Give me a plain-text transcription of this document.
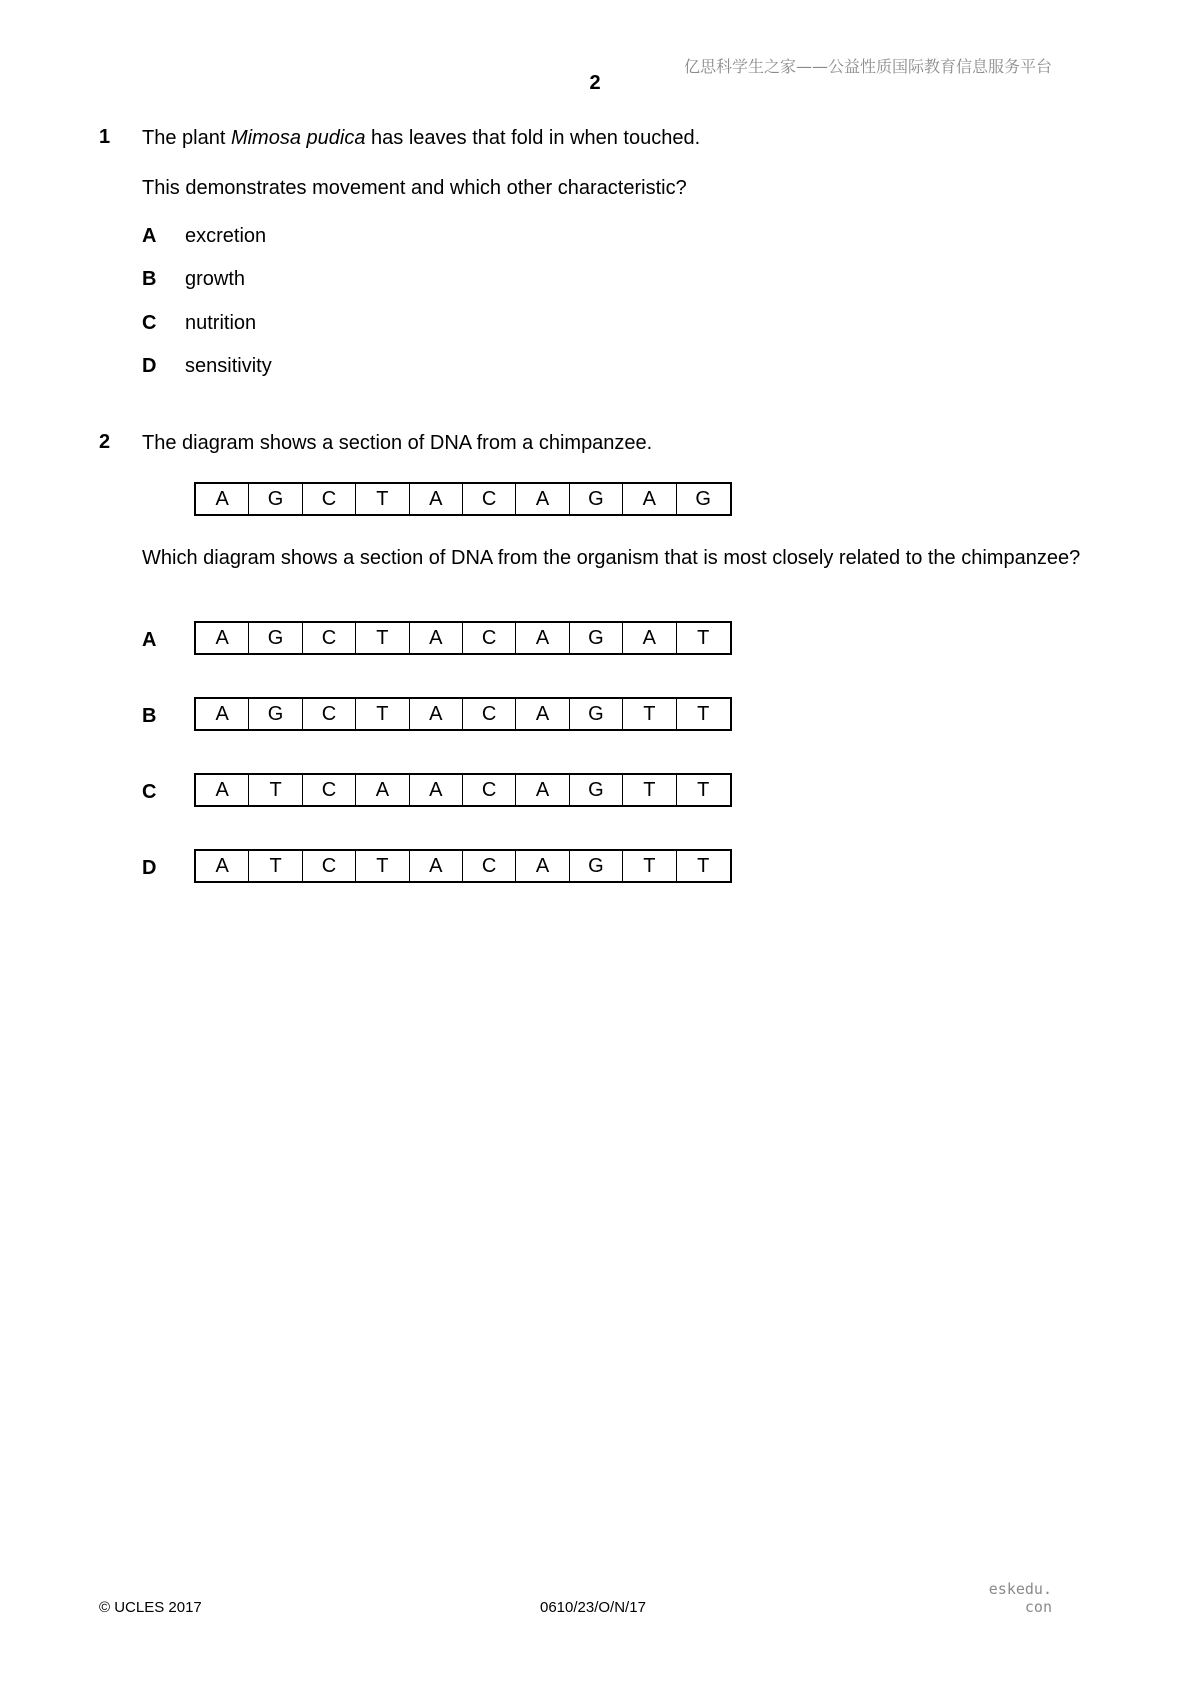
亿思科学生之家——公益性质国际教育信息服务平台
2
1 The plant Mimosa pudica has leaves that fold in when touched.
This demonstrates movement and which other characteristic?
A excretion
B growth
C nutrition
D sensitivity
2 The diagram shows a section of DNA from a chimpanzee.
A	G	C	T	A	C	A	G	A	G
Which diagram shows a section of DNA from the organism that is most closely related to the chimpanzee?
A	A	G	C	T	A	C	A	G	A	T
B	A	G	C	T	A	C	A	G	T	T
C	A	T	C	A	A	C	A	G	T	T
D	A	T	C	T	A	C	A	G	T	T
eskedu. con
© UCLES 2017	0610/23/O/N/17
